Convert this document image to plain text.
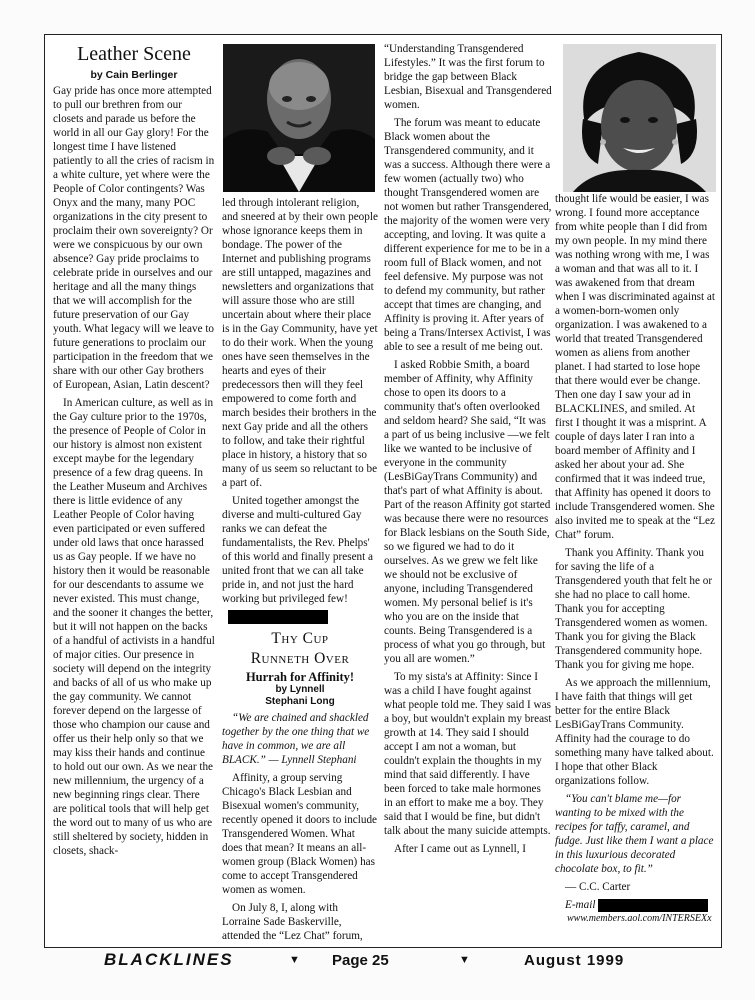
Leather Scene
by Cain Berlinger

Gay pride has once more attempted to pull our brethren from our closets and parade us before the world in all our Gay glory! For the longest time I have listened patiently to all the cries of racism in a white culture, yet where were the People of Color contingents? Was Onyx and the many, many POC organizations in the city present to proclaim their own sovereignty? Or were we conspicuous by our own absence? Gay pride proclaims to celebrate pride in ourselves and our heritage and all the many things that we will accomplish for the future preservation of our Gay youth. What legacy will we leave to future generations to proclaim our participation in the freedom that we share with our other Gay brothers of European, Asian, Latin descent?

In American culture, as well as in the Gay culture prior to the 1970s, the presence of People of Color in our history is almost non existent except maybe for the legendary presence of a few drag queens. In the Leather Museum and Archives there is little evidence of any Leather People of Color having even participated or even suffered under old laws that once harassed us as Gay people. If we have no history then it would be reasonable for our descendants to assume we never existed. This must change, and the sooner it changes the better, but it will not happen on the backs of a handful of activists in a handful of major cities. Our presence in society will depend on the integrity and backs of all of us who make up the gay community. We cannot forever depend on the largesse of those who champion our cause and offer us their help only so that we may kiss their hands and continue to hold out our own. As we near the new millennium, the urgency of a new beginning rings clear. There are political tools that will help get the word out to many of us who are still sheltered by society, hidden in closets, shack-

led through intolerant religion, and sneered at by their own people whose ignorance keeps them in bondage. The power of the Internet and publishing programs are still untapped, magazines and newsletters and organizations that will assure those who are still uncertain about where their place is in the Gay Community, have yet to do their work. When the young ones have seen themselves in the hearts and eyes of their predecessors then will they feel empowered to come forth and march besides their brothers in the next Gay pride and all the others to follow, and take their rightful place in history, a history that so many of us seem so reluctant to be a part of.

United together amongst the diverse and multi-cultured Gay ranks we can defeat the fundamentalists, the Rev. Phelps' of this world and finally present a united front that we can all take pride in, and not just the hard working but privileged few!

Thy Cup
Runneth Over
Hurrah for Affinity!
by Lynnell
Stephani Long

“We are chained and shackled together by the one thing that we have in common, we are all BLACK.” — Lynnell Stephani

Affinity, a group serving Chicago's Black Lesbian and Bisexual women's community, recently opened it doors to include Transgendered Women. What does that mean? It means an all-women group (Black Women) has come to accept Transgendered women as women.

On July 8, I, along with Lorraine Sade Baskerville, attended the “Lez Chat” forum,

“Understanding Transgendered Lifestyles.” It was the first forum to bridge the gap between Black Lesbian, Bisexual and Transgendered women.

The forum was meant to educate Black women about the Transgendered community, and it was a success. Although there were a few women (actually two) who thought Transgendered women are not women but rather Transgendered, the majority of the women were very accepting, and loving. It was quite a different experience for me to be in a room full of Black women, and not feel defensive. My purpose was not to defend my community, but rather accept that times are changing, and Affinity is proving it. After years of being a Trans/Intersex Activist, I was able to see a result of me being out.

I asked Robbie Smith, a board member of Affinity, why Affinity chose to open its doors to a community that's often overlooked and seldom heard? She said, “It was a part of us being inclusive —we felt like we wanted to be inclusive of everyone in the community (LesBiGayTrans Community) and that's part of what Affinity is about. Part of the reason Affinity got started was because there were no resources for Black lesbians on the South Side, so we figured we had to do it ourselves. As we grew we felt like we should not be exclusive of anyone, including Transgendered women. My personal belief is it's who you are on the inside that counts. Being Transgendered is a process of what you go through, but you all are women.”

To my sista's at Affinity: Since I was a child I have fought against what people told me. They said I was a boy, but wouldn't explain my breast growth at 14. They said I should accept I am not a woman, but couldn't explain the thoughts in my mind that said differently. I have been forced to take male hormones in an effort to make me a boy. They said that I would be fine, but didn't talk about the many suicide attempts.

After I came out as Lynnell, I

thought life would be easier, I was wrong. I found more acceptance from white people than I did from my own people. In my mind there was nothing wrong with me, I was a woman and that was all to it. I was awakened from that dream when I was discriminated against at a women-born-women only organization. I was awakened to a world that treated Transgendered women as aliens from another planet. I had started to lose hope that there would ever be change. Then one day I saw your ad in BLACKLINES, and smiled. At first I thought it was a misprint. A couple of days later I ran into a board member of Affinity and I asked her about your ad. She confirmed that it was indeed true, that Affinity has opened it doors to include Transgendered women. She also invited me to speak at the “Lez Chat” forum.

Thank you Affinity. Thank you for saving the life of a Transgendered youth that felt he or she had no place to call home. Thank you for accepting Transgendered women as women. Thank you for giving the Black Transgendered community hope. Thank you for giving me hope.

As we approach the millennium, I have faith that things will get better for the entire Black LesBiGayTrans Community. Affinity had the courage to do something many have talked about. I hope that other Black organizations follow.

“You can't blame me—for wanting to be mixed with the recipes for taffy, caramel, and fudge. Just like them I want a place in this luxurious decorated chocolate box, to fit.”

— C.C. Carter

E-mail

www.members.aol.com/INTERSEXx

BLACKLINES	▼ Page 25	▼	August 1999
